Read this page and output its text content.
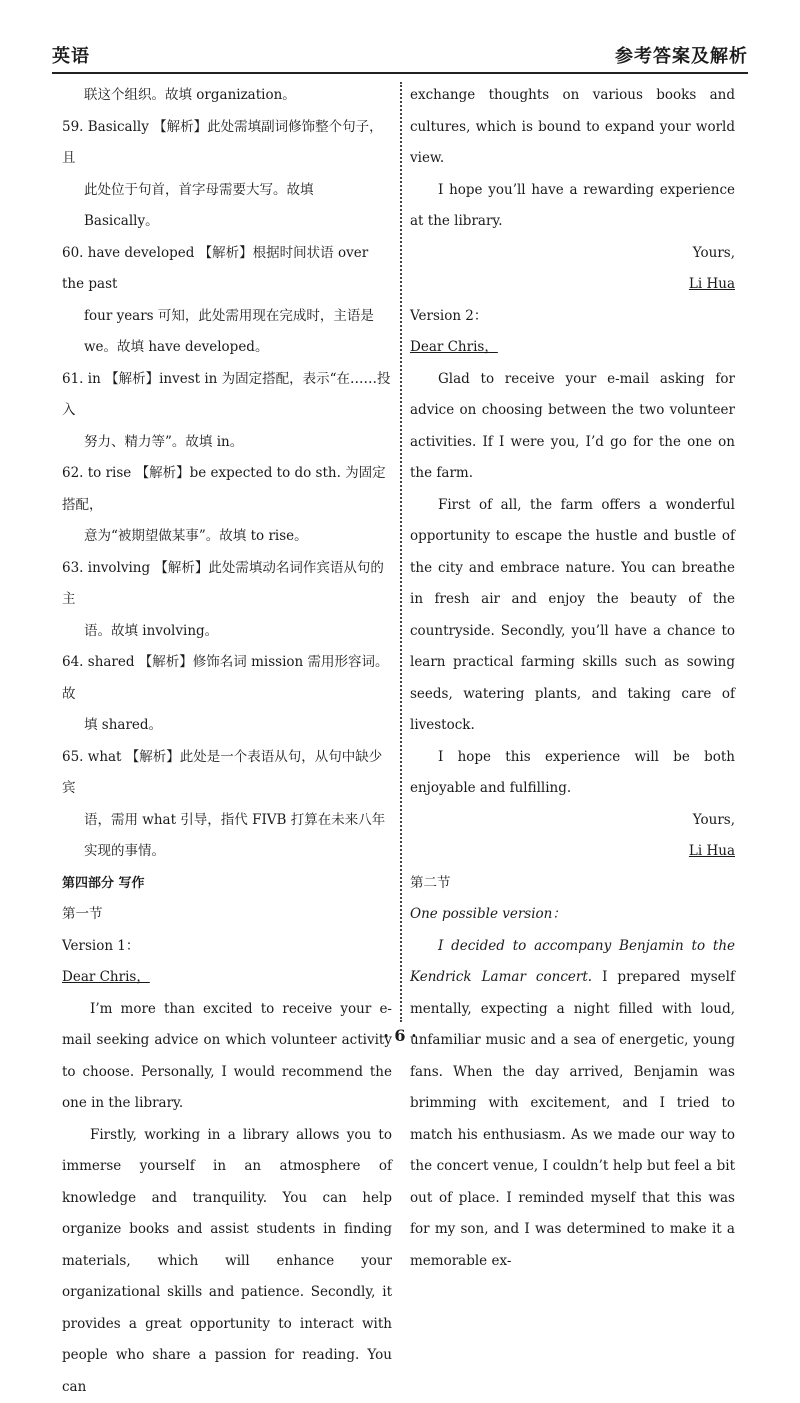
英语	参考答案及解析

联这个组织。故填 organization。

59. Basically 【解析】此处需填副词修饰整个句子，且
此处位于句首，首字母需要大写。故填 Basically。
60. have developed 【解析】根据时间状语 over the past
four years 可知，此处需用现在完成时，主语是 we。故填 have developed。
61. in 【解析】invest in 为固定搭配，表示“在……投入
努力、精力等”。故填 in。
62. to rise 【解析】be expected to do sth. 为固定搭配，
意为“被期望做某事”。故填 to rise。
63. involving 【解析】此处需填动名词作宾语从句的主
语。故填 involving。
64. shared 【解析】修饰名词 mission 需用形容词。故
填 shared。
65. what 【解析】此处是一个表语从句，从句中缺少宾
语，需用 what 引导，指代 FIVB 打算在未来八年实现的事情。

第四部分 写作

第一节

Version 1：

Dear Chris，

I’m more than excited to receive your e-mail seeking advice on which volunteer activity to choose. Personally, I would recommend the one in the library.

Firstly, working in a library allows you to immerse yourself in an atmosphere of knowledge and tranquility. You can help organize books and assist students in finding materials, which will enhance your organizational skills and patience. Secondly, it provides a great opportunity to interact with people who share a passion for reading. You can

exchange thoughts on various books and cultures, which is bound to expand your world view.

I hope you’ll have a rewarding experience at the library.

Yours,

Li Hua

Version 2：

Dear Chris，

Glad to receive your e-mail asking for advice on choosing between the two volunteer activities. If I were you, I’d go for the one on the farm.

First of all, the farm offers a wonderful opportunity to escape the hustle and bustle of the city and embrace nature. You can breathe in fresh air and enjoy the beauty of the countryside. Secondly, you’ll have a chance to learn practical farming skills such as sowing seeds, watering plants, and taking care of livestock.

I hope this experience will be both enjoyable and fulfilling.

Yours,

Li Hua

第二节

One possible version：

I decided to accompany Benjamin to the Kendrick Lamar concert. I prepared myself mentally, expecting a night filled with loud, unfamiliar music and a sea of energetic, young fans. When the day arrived, Benjamin was brimming with excitement, and I tried to match his enthusiasm. As we made our way to the concert venue, I couldn’t help but feel a bit out of place. I reminded myself that this was for my son, and I was determined to make it a memorable ex-

· 6 ·
